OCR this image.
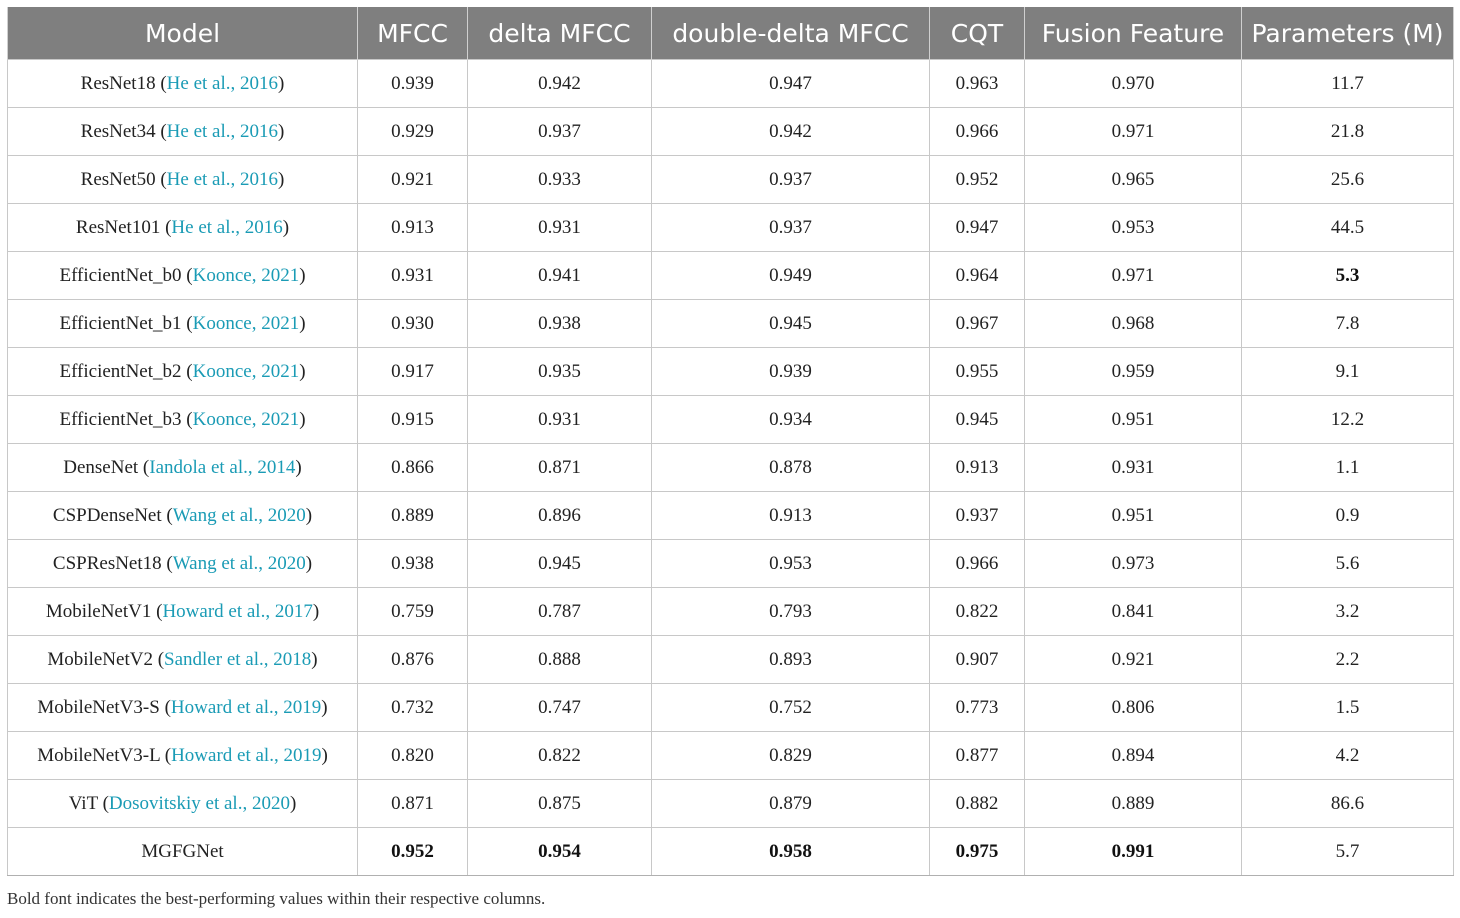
Model	MFCC	delta MFCC	double-delta MFCC	CQT	Fusion Feature	Parameters (M)
ResNet18 (He et al., 2016)	0.939	0.942	0.947	0.963	0.970	11.7
ResNet34 (He et al., 2016)	0.929	0.937	0.942	0.966	0.971	21.8
ResNet50 (He et al., 2016)	0.921	0.933	0.937	0.952	0.965	25.6
ResNet101 (He et al., 2016)	0.913	0.931	0.937	0.947	0.953	44.5
EfficientNet_b0 (Koonce, 2021)	0.931	0.941	0.949	0.964	0.971	5.3
EfficientNet_b1 (Koonce, 2021)	0.930	0.938	0.945	0.967	0.968	7.8
EfficientNet_b2 (Koonce, 2021)	0.917	0.935	0.939	0.955	0.959	9.1
EfficientNet_b3 (Koonce, 2021)	0.915	0.931	0.934	0.945	0.951	12.2
DenseNet (Iandola et al., 2014)	0.866	0.871	0.878	0.913	0.931	1.1
CSPDenseNet (Wang et al., 2020)	0.889	0.896	0.913	0.937	0.951	0.9
CSPResNet18 (Wang et al., 2020)	0.938	0.945	0.953	0.966	0.973	5.6
MobileNetV1 (Howard et al., 2017)	0.759	0.787	0.793	0.822	0.841	3.2
MobileNetV2 (Sandler et al., 2018)	0.876	0.888	0.893	0.907	0.921	2.2
MobileNetV3-S (Howard et al., 2019)	0.732	0.747	0.752	0.773	0.806	1.5
MobileNetV3-L (Howard et al., 2019)	0.820	0.822	0.829	0.877	0.894	4.2
ViT (Dosovitskiy et al., 2020)	0.871	0.875	0.879	0.882	0.889	86.6
MGFGNet	0.952	0.954	0.958	0.975	0.991	5.7
Bold font indicates the best-performing values within their respective columns.
